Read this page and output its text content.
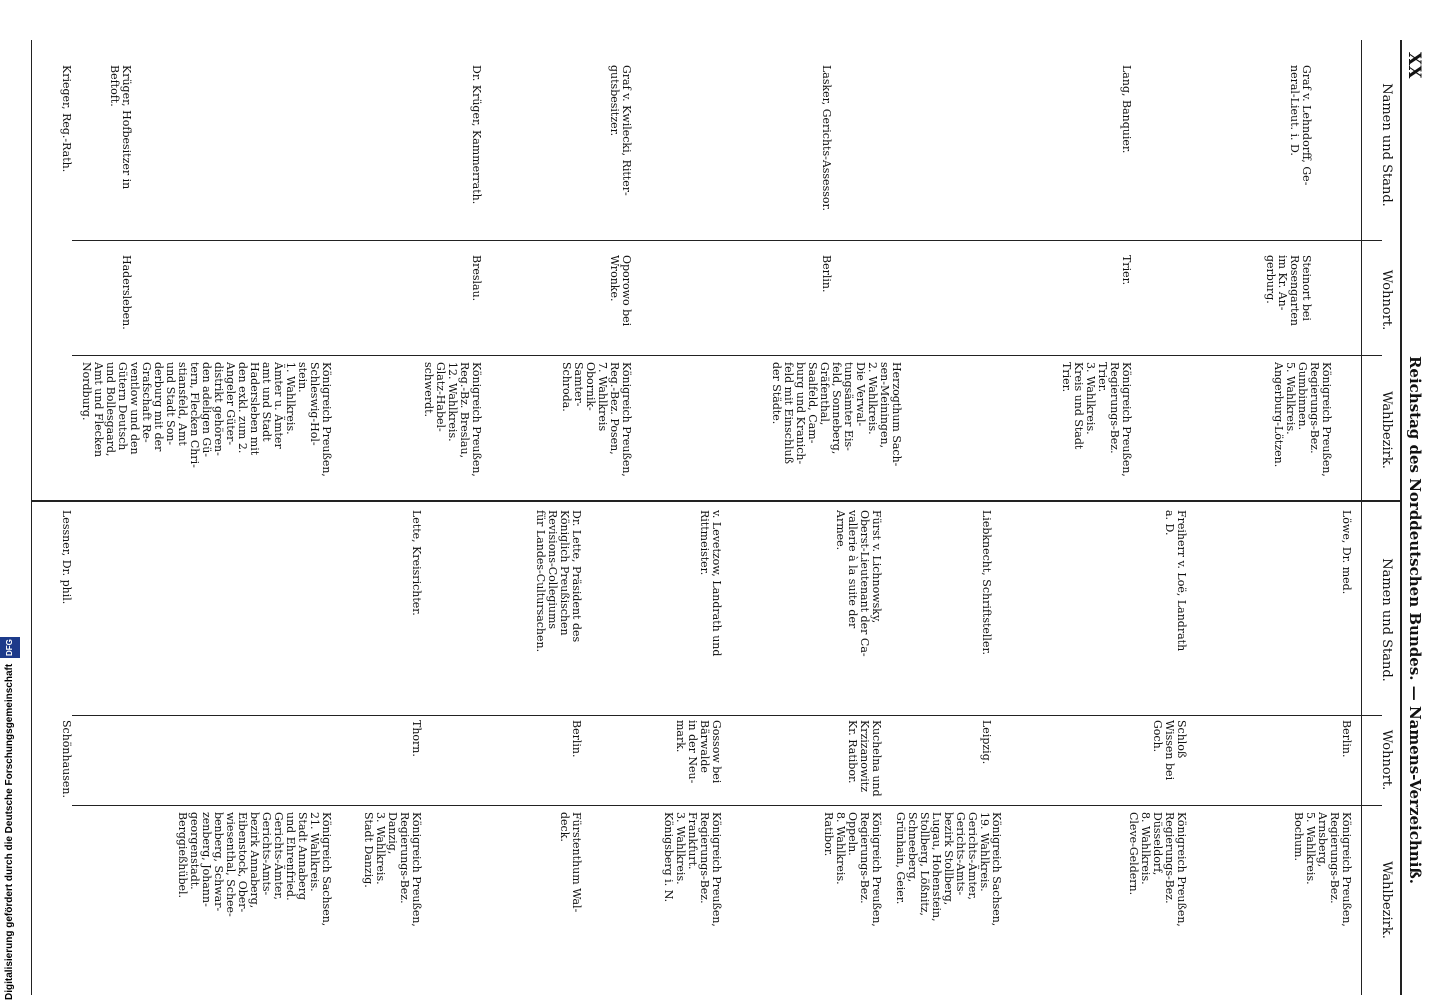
XX
Reichstag des Norddeutschen Bundes. — Namens-Verzeichniß.
Namen und Stand.
Wohnort.
Wahlbezirk.
Namen und Stand.
Wohnort.
Wahlbezirk.
Krieger, Reg.-Rath.	Krüger, Hofbesitzer in
Beftoft.
Hadersleben.
Königreich Preußen,
Schleswig-Hol-
stein.
1. Wahlkreis.
Ämter u. Ämter
amt und Stadt
Hadersleben mit
den exkl. zum 2.
Angeler Güter-
distrikt gehören-
den adeligen Gü-
tern, Flecken Chri-
stiansfeld, Amt
und Stadt Son-
derburg mit der
Grafschaft Re-
ventlow und den
Gütern Deutsch
und Bollesgaard,
Amt und Flecken
Nordburg.
Dr. Krüger, Kammerrath.
Breslau.
Königreich Preußen,
Reg.-Bz. Breslau,
12. Wahlkreis.
Glatz-Habel-
schwerdt.
Graf v. Kwilecki, Ritter-
gutsbesitzer.
Oporowo bei
Wronke.
Königreich Preußen,
Reg.-Bez. Posen,
7. Wahlkreis
Obornik-
Samter-
Schroda.
Lasker, Gerichts-Assessor.
Berlin.
Herzogthum Sach-
sen-Meiningen,
2. Wahlkreis.
Die Verwal-
tungsämter Eis-
feld, Sonneberg,
Gräfenthal,
Saalfeld, Cam-
burg und Kranich-
feld mit Einschluß
der Städte.
Lang, Banquier.
Trier.
Königreich Preußen,
Regierungs-Bez.
Trier.
3. Wahlkreis.
Kreis und Stadt
Trier.
Graf v. Lehndorff, Ge-
neral-Lieut. i. D.
Steinort bei
Rosengarten
im Kr. An-
gerburg.
Königreich Preußen,
Regierungs-Bez.
Gumbinnen.
5. Wahlkreis.
Angerburg-Lötzen.
Lessner, Dr. phil.
Schönhausen.
Königreich Sachsen,
21. Wahlkreis.
Stadt Annaberg
und Ehrenfried.
Gerichts-Ämter,
Gerichts-Amts-
bezirk Annaberg,
Eibenstock, Ober-
wiesenthal, Schee-
benberg, Schwar-
zenberg, Johann-
georgenstadt.
Berggießhübel.
Lette, Kreisrichter.
Thorn.
Königreich Preußen,
Regierungs-Bez.
Danzig,
3. Wahlkreis.
Stadt Danzig.
Dr. Lette, Präsident des
Königlich Preußischen
Revisions-Collegiums
für Landes-Cultursachen.
Berlin.
Fürstenthum Wal-
deck.
v. Levetzow, Landrath und
Rittmeister.
Gossow bei
Bärwalde
in der Neu-
mark.
Königreich Preußen,
Regierungs-Bez.
Frankfurt.
3. Wahlkreis.
Königsberg i. N.
Fürst v. Lichnowsky,
Oberst-Lieutenant der Ca-
vallerie à la suite der
Armee.
Kuchelna und
Krzizanowitz
Kr. Ratibor.
Königreich Preußen,
Regierungs-Bez.
Oppeln.
8. Wahlkreis.
Ratibor.
Liebknecht, Schriftsteller.
Leipzig.
Königreich Sachsen,
19. Wahlkreis.
Gerichts-Ämter,
Gerichts-Amts-
bezirk Stollberg,
Lugau, Hohenstein,
Stollberg, Lößnitz,
Schneeberg,
Grünhain, Geier.
Freiherr v. Loë, Landrath
a. D.
Schloß Wissen bei
Goch.
Königreich Preußen,
Regierungs-Bez.
Düsseldorf,
8. Wahlkreis.
Cleve-Geldern.
Löwe, Dr. med.
Berlin.
Königreich Preußen,
Regierungs-Bez.
Arnsberg,
5. Wahlkreis.
Bochum.
Digitalisierung gefördert durch die Deutsche Forschungsgemeinschaft DFG
